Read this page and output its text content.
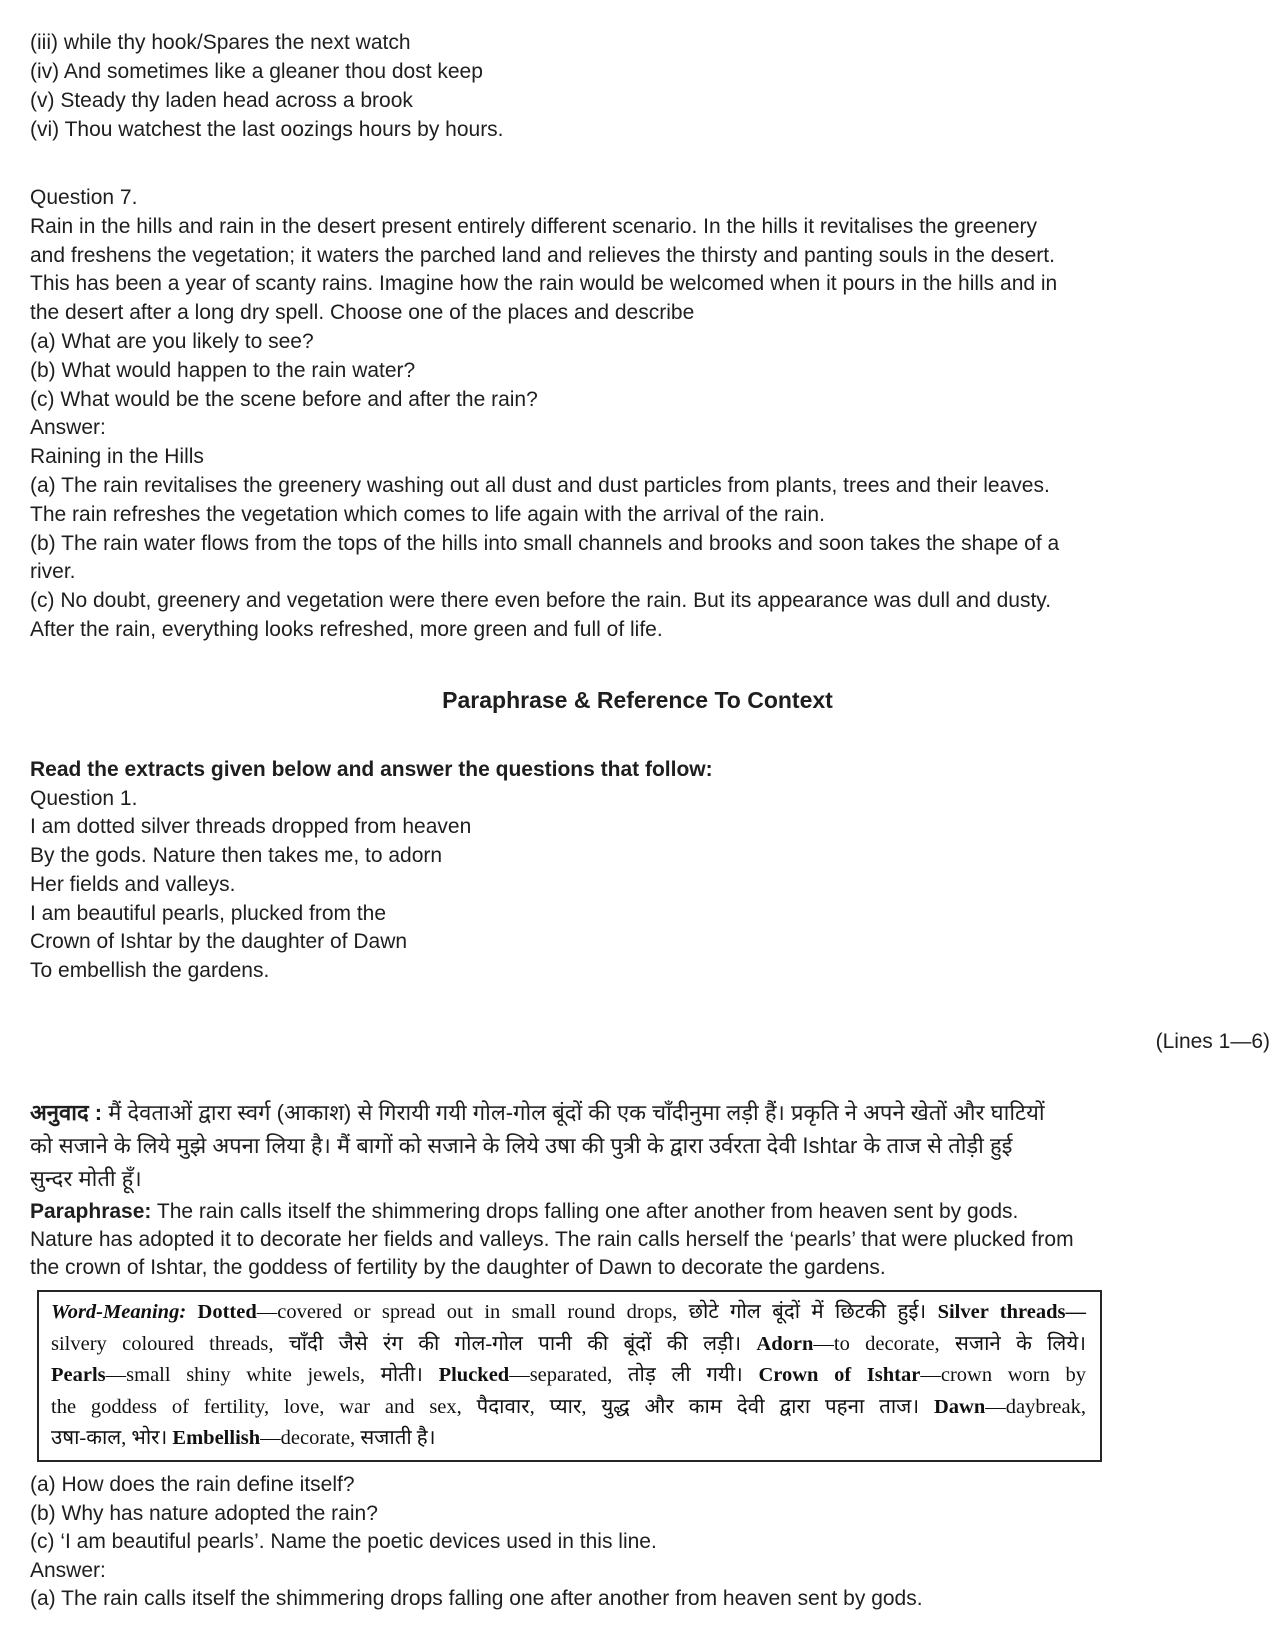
(iii) while thy hook/Spares the next watch
(iv) And sometimes like a gleaner thou dost keep
(v) Steady thy laden head across a brook
(vi) Thou watchest the last oozings hours by hours.
Question 7.
Rain in the hills and rain in the desert present entirely different scenario. In the hills it revitalises the greenery
and freshens the vegetation; it waters the parched land and relieves the thirsty and panting souls in the desert.
This has been a year of scanty rains. Imagine how the rain would be welcomed when it pours in the hills and in
the desert after a long dry spell. Choose one of the places and describe
(a) What are you likely to see?
(b) What would happen to the rain water?
(c) What would be the scene before and after the rain?
Answer:
Raining in the Hills
(a) The rain revitalises the greenery washing out all dust and dust particles from plants, trees and their leaves.
The rain refreshes the vegetation which comes to life again with the arrival of the rain.
(b) The rain water flows from the tops of the hills into small channels and brooks and soon takes the shape of a
river.
(c) No doubt, greenery and vegetation were there even before the rain. But its appearance was dull and dusty.
After the rain, everything looks refreshed, more green and full of life.
Paraphrase & Reference To Context
Read the extracts given below and answer the questions that follow:
Question 1.
I am dotted silver threads dropped from heaven
By the gods. Nature then takes me, to adorn
Her fields and valleys.
I am beautiful pearls, plucked from the
Crown of Ishtar by the daughter of Dawn
To embellish the gardens.
(Lines 1—6)
अनुवाद : मैं देवताओं द्वारा स्वर्ग (आकाश) से गिरायी गयी गोल-गोल बूंदों की एक चाँदीनुमा लड़ी हैं। प्रकृति ने अपने खेतों और घाटियों
को सजाने के लिये मुझे अपना लिया है। मैं बागों को सजाने के लिये उषा की पुत्री के द्वारा उर्वरता देवी Ishtar के ताज से तोड़ी हुई
सुन्दर मोती हूँ।
Paraphrase: The rain calls itself the shimmering drops falling one after another from heaven sent by gods.
Nature has adopted it to decorate her fields and valleys. The rain calls herself the ‘pearls’ that were plucked from
the crown of Ishtar, the goddess of fertility by the daughter of Dawn to decorate the gardens.
Word-Meaning: Dotted—covered or spread out in small round drops, छोटे गोल बूंदों में छिटकी हुई। Silver threads—
silvery coloured threads, चाँदी जैसे रंग की गोल-गोल पानी की बूंदों की लड़ी। Adorn—to decorate, सजाने के लिये।
Pearls—small shiny white jewels, मोती। Plucked—separated, तोड़ ली गयी। Crown of Ishtar—crown worn by
the goddess of fertility, love, war and sex, पैदावार, प्यार, युद्ध और काम देवी द्वारा पहना ताज। Dawn—daybreak,
उषा-काल, भोर। Embellish—decorate, सजाती है।
(a) How does the rain define itself?
(b) Why has nature adopted the rain?
(c) ‘I am beautiful pearls’. Name the poetic devices used in this line.
Answer:
(a) The rain calls itself the shimmering drops falling one after another from heaven sent by gods.
